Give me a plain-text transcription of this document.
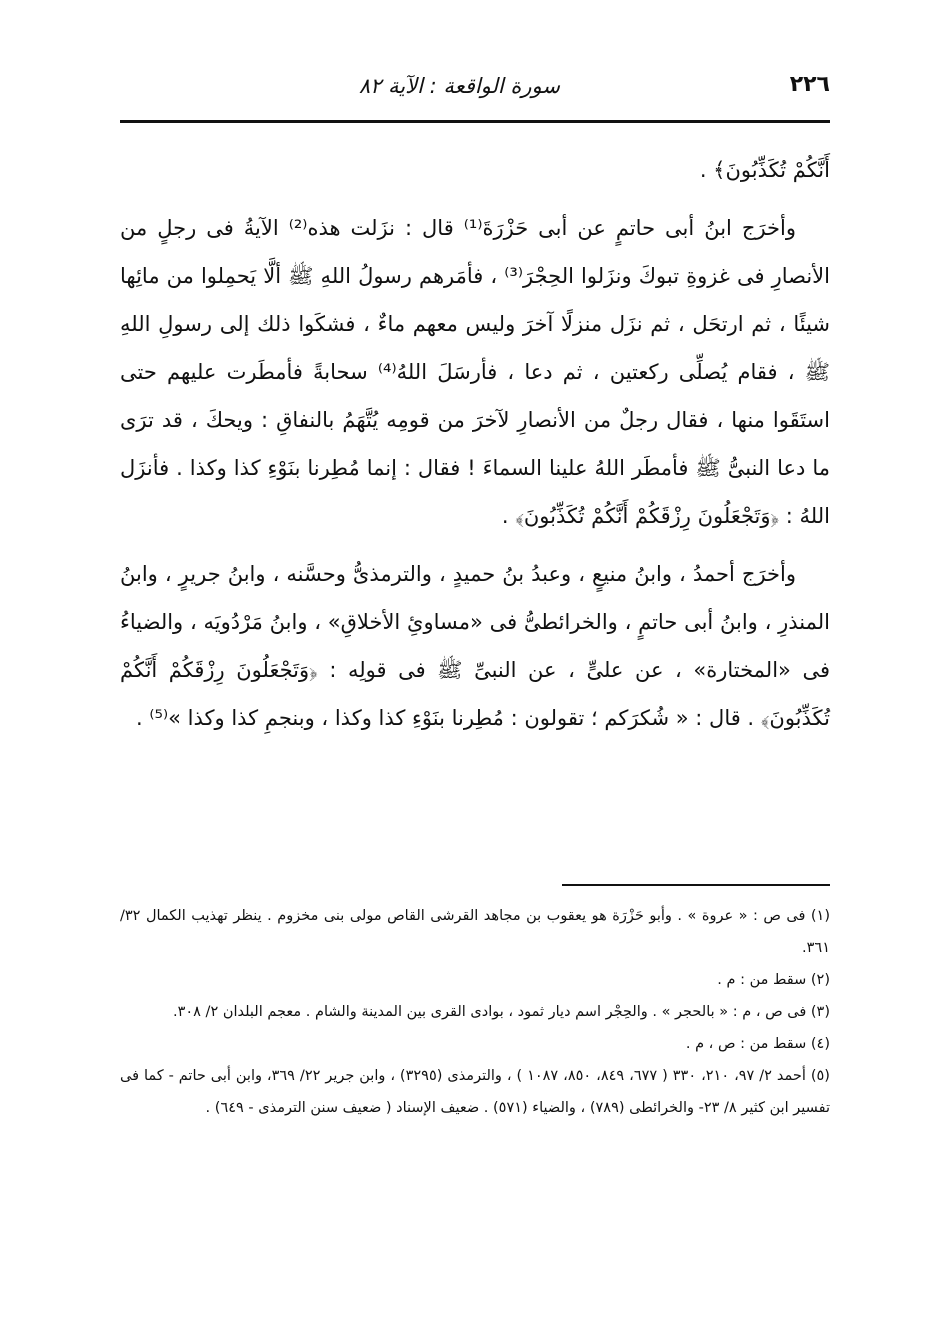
٢٢٦
سورة الواقعة : الآية ٨٢

أَنَّكُمْ تُكَذِّبُونَ﴾ .

وأخرَج ابنُ أبى حاتمٍ عن أبى حَزْرَةَ⁽¹⁾ قال : نزَلت هذه⁽²⁾ الآيةُ فى رجلٍ من الأنصارِ فى غزوةِ تبوكَ ونزَلوا الحِجْرَ⁽³⁾ ، فأمَرهم رسولُ اللهِ ﷺ ألَّا يَحمِلوا من مائِها شيئًا ، ثم ارتحَل ، ثم نزَل منزلًا آخرَ وليس معهم ماءٌ ، فشكَوا ذلك إلى رسولِ اللهِ ﷺ ، فقام يُصلِّى ركعتين ، ثم دعا ، فأرسَلَ اللهُ⁽⁴⁾ سحابةً فأمطَرت عليهم حتى استَقَوا منها ، فقال رجلٌ من الأنصارِ لآخرَ من قومِه يُتَّهَمُ بالنفاقِ : ويحكَ ، قد ترَى ما دعا النبىُّ ﷺ فأمطَر اللهُ علينا السماءَ ! فقال : إنما مُطِرنا بنَوْءِ كذا وكذا . فأنزَل اللهُ : ﴿وَتَجْعَلُونَ رِزْقَكُمْ أَنَّكُمْ تُكَذِّبُونَ﴾ .

وأخرَج أحمدُ ، وابنُ منيعٍ ، وعبدُ بنُ حميدٍ ، والترمذىُّ وحسَّنه ، وابنُ جريرٍ ، وابنُ المنذرِ ، وابنُ أبى حاتمٍ ، والخرائطىُّ فى «مساوئِ الأخلاقِ» ، وابنُ مَرْدُويَه ، والضياءُ فى «المختارة» ، عن علىٍّ ، عن النبىِّ ﷺ فى قولِه : ﴿وَتَجْعَلُونَ رِزْقَكُمْ أَنَّكُمْ تُكَذِّبُونَ﴾ . قال : « شُكرَكم ؛ تقولون : مُطِرنا بنَوْءِ كذا وكذا ، وبنجمِ كذا وكذا »⁽⁵⁾ .

(١) فى ص : « عروة » . وأبو حَزْرَة هو يعقوب بن مجاهد القرشى القاص مولى بنى مخزوم . ينظر تهذيب الكمال ٣٢/ ٣٦١.

(٢) سقط من : م .

(٣) فى ص ، م : « بالحجر » . والحِجْر اسم ديار ثمود ، بوادى القرى بين المدينة والشام . معجم البلدان ٢/ ٣٠٨.

(٤) سقط من : ص ، م .

(٥) أحمد ٢/ ٩٧، ٢١٠، ٣٣٠ ( ٦٧٧، ٨٤٩، ٨٥٠، ١٠٨٧ ) ، والترمذى (٣٢٩٥) ، وابن جرير ٢٢/ ٣٦٩، وابن أبى حاتم - كما فى تفسير ابن كثير ٨/ ٢٣- والخرائطى (٧٨٩) ، والضياء (٥٧١) . ضعيف الإسناد ( ضعيف سنن الترمذى - ٦٤٩) .
